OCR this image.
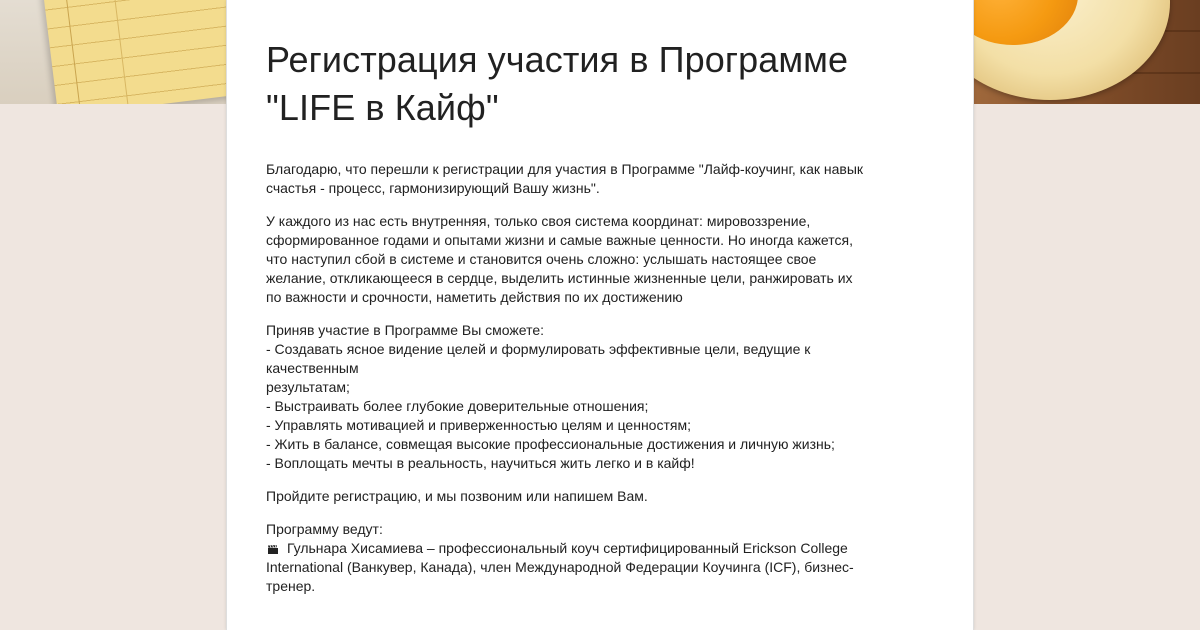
Регистрация участия в Программе
"LIFE в Кайф"
Благодарю, что перешли к регистрации для участия в Программе "Лайф-коучинг, как навык
счастья - процесс, гармонизирующий Вашу жизнь".
У каждого из нас есть внутренняя, только своя система координат: мировоззрение,
сформированное годами и опытами жизни и самые важные ценности. Но иногда кажется,
что наступил сбой в системе и становится очень сложно: услышать настоящее свое
желание, откликающееся в сердце, выделить истинные жизненные цели, ранжировать их
по важности и срочности, наметить действия по их достижению
Приняв участие в Программе Вы сможете:
- Создавать ясное видение целей и формулировать эффективные цели, ведущие к
качественным
результатам;
- Выстраивать более глубокие доверительные отношения;
- Управлять мотивацией и приверженностью целям и ценностям;
- Жить в балансе, совмещая высокие профессиональные достижения и личную жизнь;
- Воплощать мечты в реальность, научиться жить легко и в кайф!
Пройдите регистрацию, и мы позвоним или напишем Вам.
Программу ведут:
Гульнара Хисамиева – профессиональный коуч сертифицированный Erickson College
International (Ванкувер, Канада), член Международной Федерации Коучинга (ICF), бизнес-
тренер.
